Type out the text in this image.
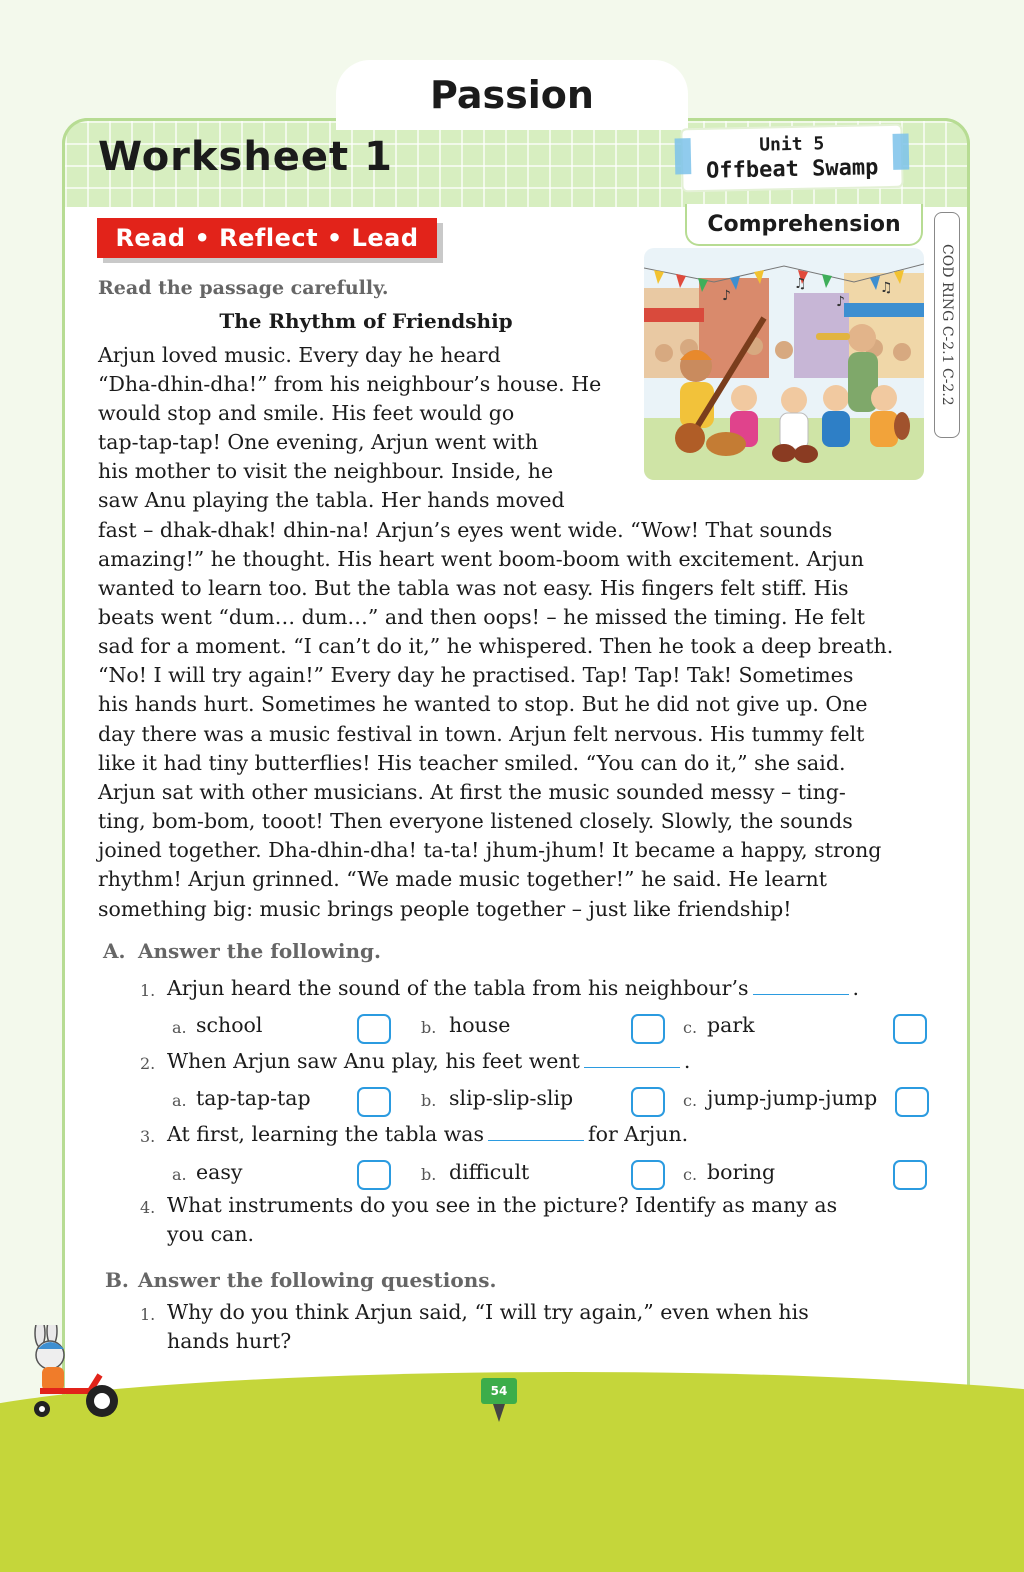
Passion
Worksheet 1	Unit 5
Offbeat Swamp
Comprehension
Read • Reflect • Lead
COD RING C-2.1 C-2.2
Read the passage carefully.
The Rhythm of Friendship
Arjun loved music. Every day he heard
“Dha-dhin-dha!” from his neighbour’s house. He
would stop and smile. His feet would go
tap-tap-tap! One evening, Arjun went with
his mother to visit the neighbour. Inside, he
saw Anu playing the tabla. Her hands moved
fast – dhak-dhak! dhin-na! Arjun’s eyes went wide. “Wow! That sounds
amazing!” he thought. His heart went boom-boom with excitement. Arjun
wanted to learn too. But the tabla was not easy. His fingers felt stiff. His
beats went “dum… dum…” and then oops! – he missed the timing. He felt
sad for a moment. “I can’t do it,” he whispered. Then he took a deep breath.
“No! I will try again!” Every day he practised. Tap! Tap! Tak! Sometimes
his hands hurt. Sometimes he wanted to stop. But he did not give up. One
day there was a music festival in town. Arjun felt nervous. His tummy felt
like it had tiny butterflies! His teacher smiled. “You can do it,” she said.
Arjun sat with other musicians. At first the music sounded messy – ting-
ting, bom-bom, tooot! Then everyone listened closely. Slowly, the sounds
joined together. Dha-dhin-dha! ta-ta! jhum-jhum! It became a happy, strong
rhythm! Arjun grinned. “We made music together!” he said. He learnt
something big: music brings people together – just like friendship!
♪
♫
♪
♫
A. Answer the following.
1. Arjun heard the sound of the tabla from his neighbour’s	.
a. school	b. house	c. park
2. When Arjun saw Anu play, his feet went	.
a. tap-tap-tap	b. slip-slip-slip	c. jump-jump-jump
3. At first, learning the tabla was	for Arjun.
a. easy	b. difficult	c. boring
4. What instruments do you see in the picture? Identify as many as
you can.
B. Answer the following questions.
1. Why do you think Arjun said, “I will try again,” even when his
hands hurt?
54
